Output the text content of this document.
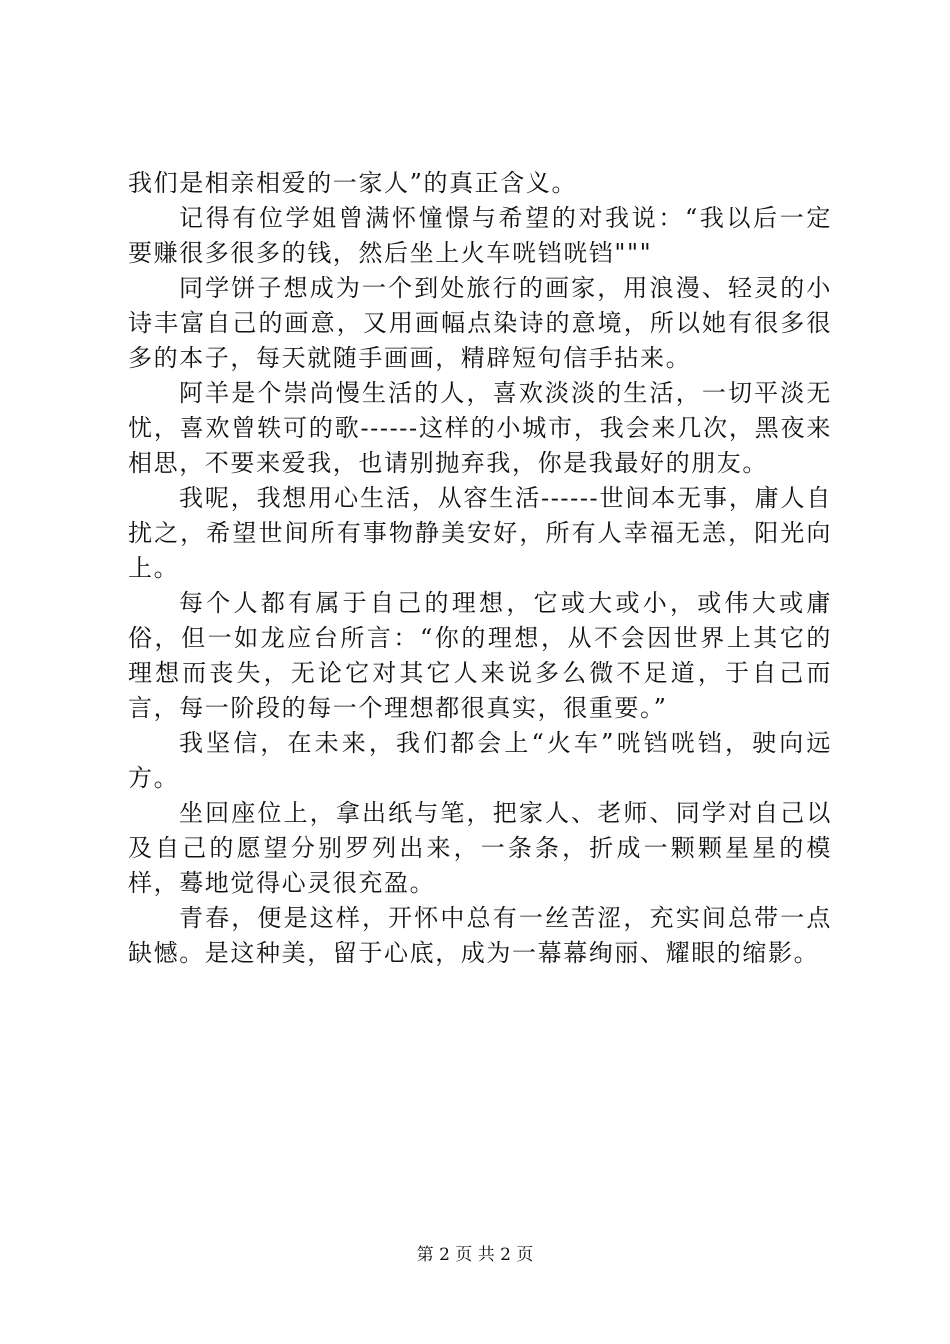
我们是相亲相爱的一家人”的真正含义。

记得有位学姐曾满怀憧憬与希望的对我说：“我以后一定要赚很多很多的钱，然后坐上火车咣铛咣铛"""

同学饼子想成为一个到处旅行的画家，用浪漫、轻灵的小诗丰富自己的画意，又用画幅点染诗的意境，所以她有很多很多的本子，每天就随手画画，精辟短句信手拈来。

阿羊是个崇尚慢生活的人，喜欢淡淡的生活，一切平淡无忧，喜欢曾轶可的歌------这样的小城市，我会来几次，黑夜来相思，不要来爱我，也请别抛弃我，你是我最好的朋友。

我呢，我想用心生活，从容生活------世间本无事，庸人自扰之，希望世间所有事物静美安好，所有人幸福无恙，阳光向上。

每个人都有属于自己的理想，它或大或小，或伟大或庸俗，但一如龙应台所言：“你的理想，从不会因世界上其它的理想而丧失，无论它对其它人来说多么微不足道，于自己而言，每一阶段的每一个理想都很真实，很重要。”

我坚信，在未来，我们都会上“火车”咣铛咣铛，驶向远方。

坐回座位上，拿出纸与笔，把家人、老师、同学对自己以及自己的愿望分别罗列出来，一条条，折成一颗颗星星的模样，蓦地觉得心灵很充盈。

青春，便是这样，开怀中总有一丝苦涩，充实间总带一点缺憾。是这种美，留于心底，成为一幕幕绚丽、耀眼的缩影。

第 2 页 共 2 页
